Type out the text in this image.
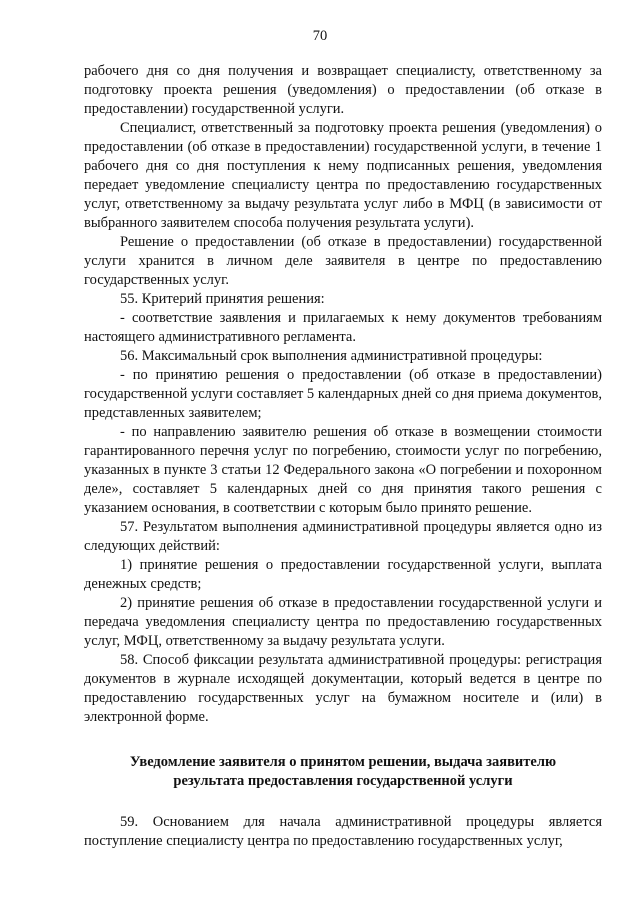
70

рабочего дня со дня получения и возвращает специалисту, ответственному за подготовку проекта решения (уведомления) о предоставлении (об отказе в предоставлении) государственной услуги.

Специалист, ответственный за подготовку проекта решения (уведомления) о предоставлении (об отказе в предоставлении) государственной услуги, в течение 1 рабочего дня со дня поступления к нему подписанных решения, уведомления передает уведомление специалисту центра по предоставлению государственных услуг, ответственному за выдачу результата услуг либо в МФЦ (в зависимости от выбранного заявителем способа получения результата услуги).

Решение о предоставлении (об отказе в предоставлении) государственной услуги хранится в личном деле заявителя в центре по предоставлению государственных услуг.

55. Критерий принятия решения:

- соответствие заявления и прилагаемых к нему документов требованиям настоящего административного регламента.

56. Максимальный срок выполнения административной процедуры:

- по принятию решения о предоставлении (об отказе в предоставлении) государственной услуги составляет 5 календарных дней со дня приема документов, представленных заявителем;

- по направлению заявителю решения об отказе в возмещении стоимости гарантированного перечня услуг по погребению, стоимости услуг по погребению, указанных в пункте 3 статьи 12 Федерального закона «О погребении и похоронном деле», составляет 5 календарных дней со дня принятия такого решения с указанием основания, в соответствии с которым было принято решение.

57. Результатом выполнения административной процедуры является одно из следующих действий:

1) принятие решения о предоставлении государственной услуги, выплата денежных средств;

2) принятие решения об отказе в предоставлении государственной услуги и передача уведомления специалисту центра по предоставлению государственных услуг, МФЦ, ответственному за выдачу результата услуги.

58. Способ фиксации результата административной процедуры: регистрация документов в журнале исходящей документации, который ведется в центре по предоставлению государственных услуг на бумажном носителе и (или) в электронной форме.

Уведомление заявителя о принятом решении, выдача заявителю результата предоставления государственной услуги

59. Основанием для начала административной процедуры является поступление специалисту центра по предоставлению государственных услуг,
